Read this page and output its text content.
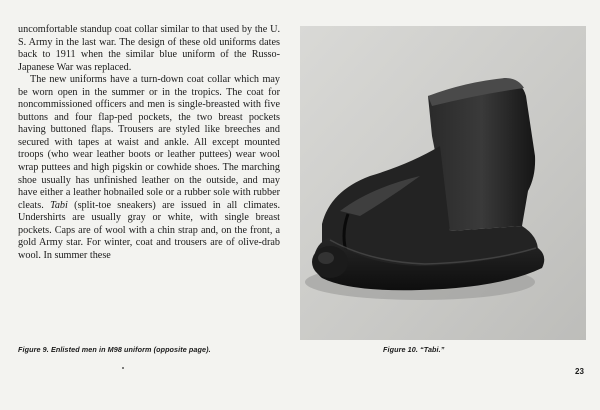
uncomfortable standup coat collar similar to that used by the U. S. Army in the last war. The design of these old uniforms dates back to 1911 when the similar blue uniform of the Russo-Japanese War was replaced.

The new uniforms have a turn-down coat collar which may be worn open in the summer or in the tropics. The coat for noncommissioned officers and men is single-breasted with five buttons and four flap-ped pockets, the two breast pockets having buttoned flaps. Trousers are styled like breeches and secured with tapes at waist and ankle. All except mounted troops (who wear leather boots or leather puttees) wear wool wrap puttees and high pigskin or cowhide shoes. The marching shoe usually has unfinished leather on the outside, and may have either a leather hobnailed sole or a rubber sole with rubber cleats. Tabi (split-toe sneakers) are issued in all climates. Undershirts are usually gray or white, with single breast pockets. Caps are of wool with a chin strap and, on the front, a gold Army star. For winter, coat and trousers are of olive-drab wool. In summer these

Figure 9. Enlisted men in M98 uniform (opposite page).	Figure 10. “Tabi.”
23
